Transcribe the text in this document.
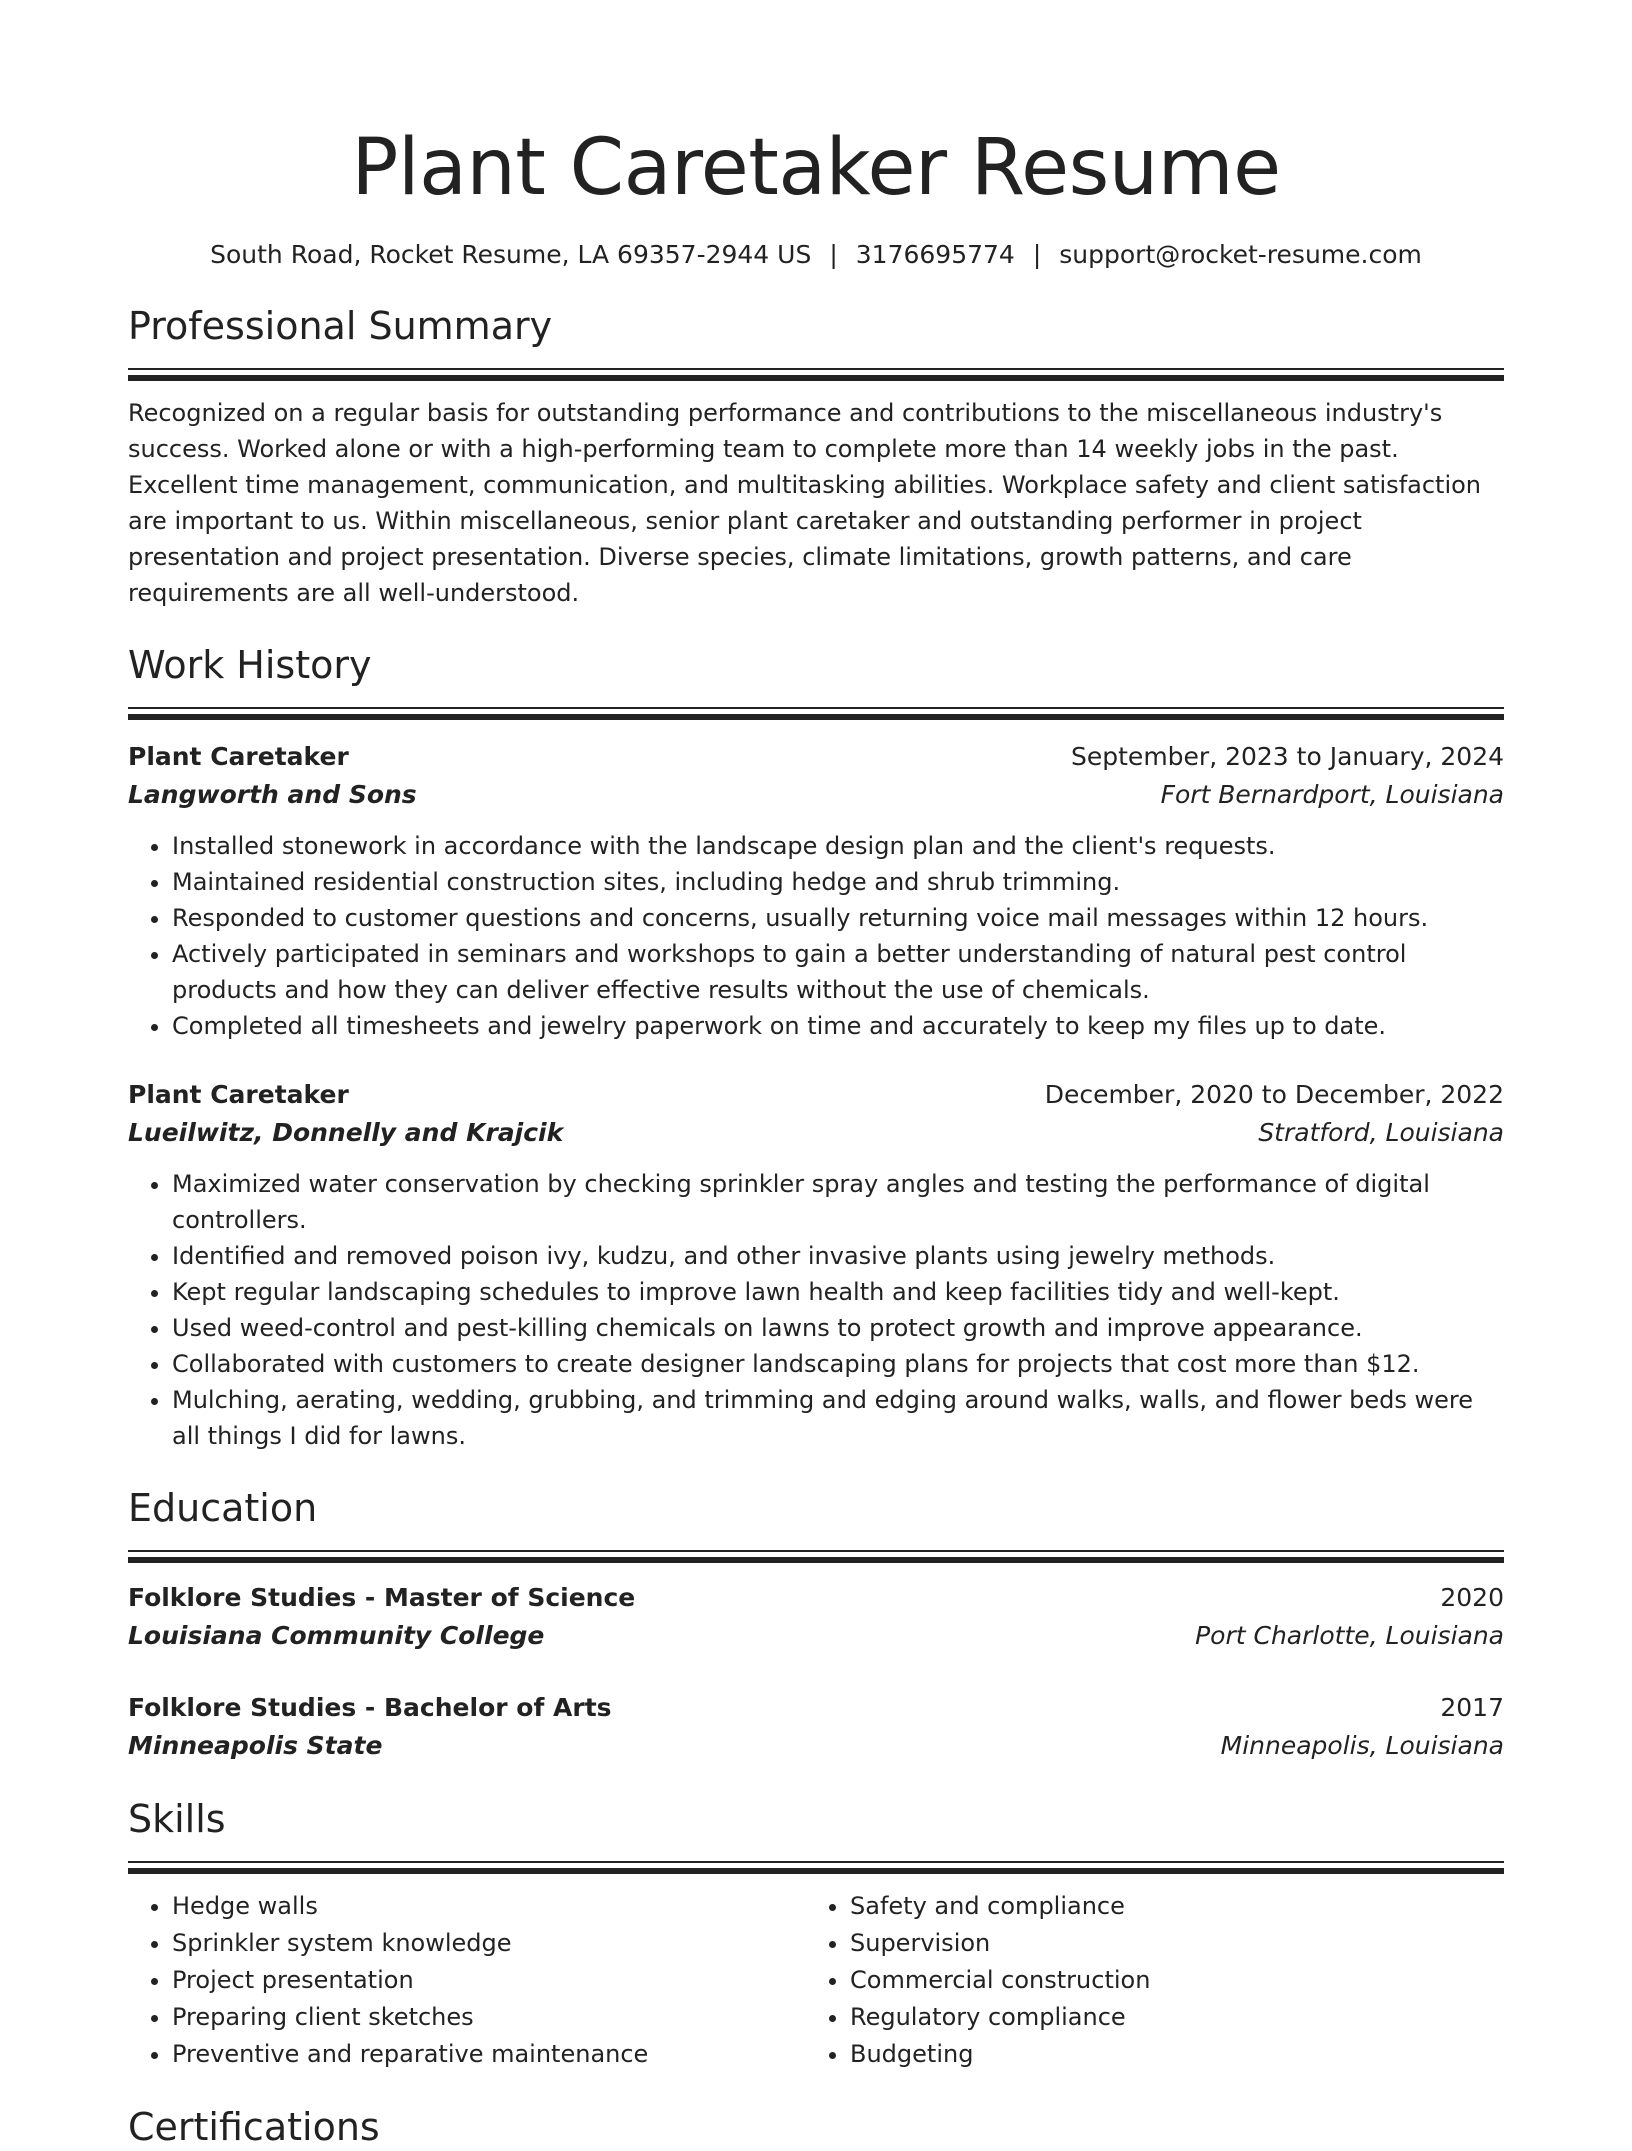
Plant Caretaker Resume
South Road, Rocket Resume, LA 69357-2944 US | 3176695774 | support@rocket-resume.com
Professional Summary

Recognized on a regular basis for outstanding performance and contributions to the miscellaneous industry's success. Worked alone or with a high-performing team to complete more than 14 weekly jobs in the past. Excellent time management, communication, and multitasking abilities. Workplace safety and client satisfaction are important to us. Within miscellaneous, senior plant caretaker and outstanding performer in project presentation and project presentation. Diverse species, climate limitations, growth patterns, and care requirements are all well-understood.

Work History
Plant Caretaker	September, 2023 to January, 2024
Langworth and Sons	Fort Bernardport, Louisiana
• Installed stonework in accordance with the landscape design plan and the client's requests.
• Maintained residential construction sites, including hedge and shrub trimming.
• Responded to customer questions and concerns, usually returning voice mail messages within 12 hours.
• Actively participated in seminars and workshops to gain a better understanding of natural pest control products and how they can deliver effective results without the use of chemicals.
• Completed all timesheets and jewelry paperwork on time and accurately to keep my files up to date.
Plant Caretaker	December, 2020 to December, 2022
Lueilwitz, Donnelly and Krajcik	Stratford, Louisiana
• Maximized water conservation by checking sprinkler spray angles and testing the performance of digital controllers.
• Identified and removed poison ivy, kudzu, and other invasive plants using jewelry methods.
• Kept regular landscaping schedules to improve lawn health and keep facilities tidy and well-kept.
• Used weed-control and pest-killing chemicals on lawns to protect growth and improve appearance.
• Collaborated with customers to create designer landscaping plans for projects that cost more than $12.
• Mulching, aerating, wedding, grubbing, and trimming and edging around walks, walls, and flower beds were all things I did for lawns.
Education
Folklore Studies - Master of Science	2020
Louisiana Community College	Port Charlotte, Louisiana
Folklore Studies - Bachelor of Arts	2017
Minneapolis State	Minneapolis, Louisiana
Skills
• Hedge walls
• Sprinkler system knowledge
• Project presentation
• Preparing client sketches
• Preventive and reparative maintenance
• Safety and compliance
• Supervision
• Commercial construction
• Regulatory compliance
• Budgeting
Certifications
